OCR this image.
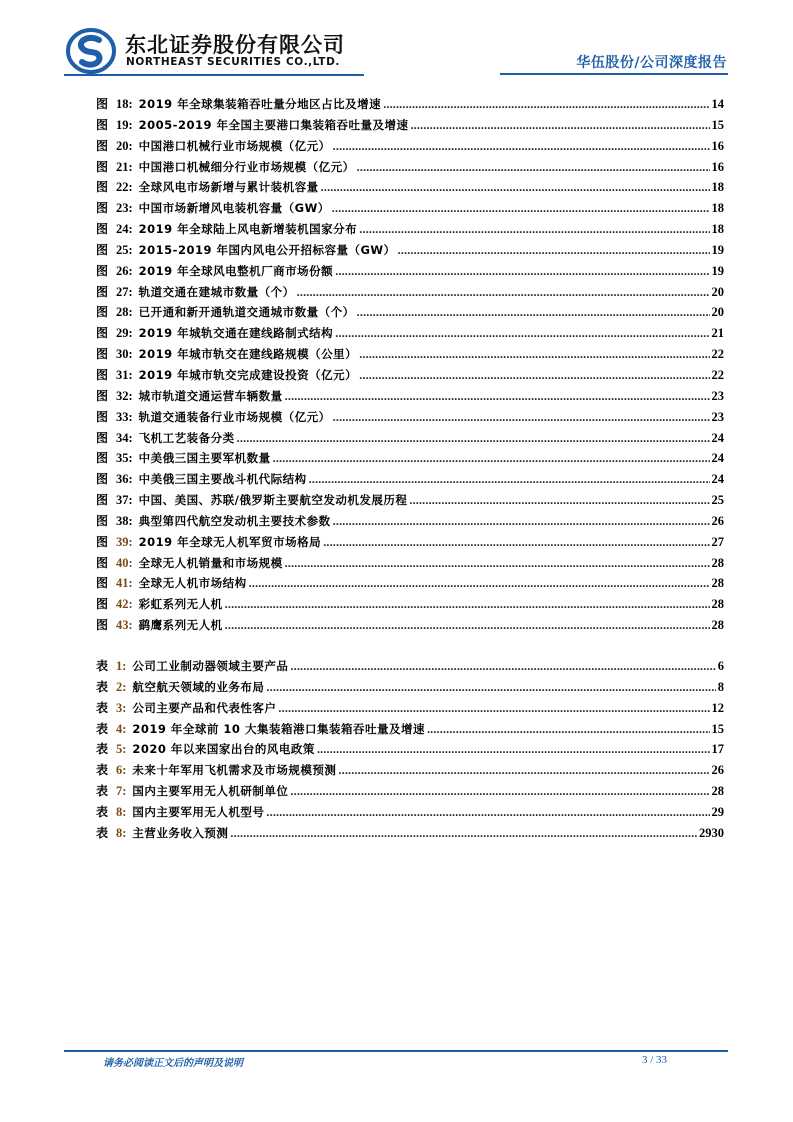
东北证券股份有限公司
NORTHEAST SECURITIES CO.,LTD.	华伍股份/公司深度报告
图 18: 2019 年全球集装箱吞吐量分地区占比及增速 .....	14
图 19: 2005-2019 年全国主要港口集装箱吞吐量及增速 .....	15
图 20: 中国港口机械行业市场规模（亿元） .....	16
图 21: 中国港口机械细分行业市场规模（亿元） .....	16
图 22: 全球风电市场新增与累计装机容量 .....	18
图 23: 中国市场新增风电装机容量（GW） .....	18
图 24: 2019 年全球陆上风电新增装机国家分布 .....	18
图 25: 2015-2019 年国内风电公开招标容量（GW） .....	19
图 26: 2019 年全球风电整机厂商市场份额 .....	19
图 27: 轨道交通在建城市数量（个） .....	20
图 28: 已开通和新开通轨道交通城市数量（个） .....	20
图 29: 2019 年城轨交通在建线路制式结构 .....	21
图 30: 2019 年城市轨交在建线路规模（公里） .....	22
图 31: 2019 年城市轨交完成建设投资（亿元） .....	22
图 32: 城市轨道交通运营车辆数量 .....	23
图 33: 轨道交通装备行业市场规模（亿元） .....	23
图 34: 飞机工艺装备分类 .....	24
图 35: 中美俄三国主要军机数量 .....	24
图 36: 中美俄三国主要战斗机代际结构 .....	24
图 37: 中国、美国、苏联/俄罗斯主要航空发动机发展历程 .....	25
图 38: 典型第四代航空发动机主要技术参数 .....	26
图 39: 2019 年全球无人机军贸市场格局 .....	27
图 40: 全球无人机销量和市场规模 .....	28
图 41: 全球无人机市场结构 .....	28
图 42: 彩虹系列无人机 .....	28
图 43: 鹞鹰系列无人机 .....	28
表 1: 公司工业制动器领域主要产品 .....	6
表 2: 航空航天领域的业务布局 .....	8
表 3: 公司主要产品和代表性客户 .....	12
表 4: 2019 年全球前 10 大集装箱港口集装箱吞吐量及增速 .....	15
表 5: 2020 年以来国家出台的风电政策 .....	17
表 6: 未来十年军用飞机需求及市场规模预测 .....	26
表 7: 国内主要军用无人机研制单位 .....	28
表 8: 国内主要军用无人机型号 .....	29
表 8: 主营业务收入预测 .....	2930
请务必阅读正文后的声明及说明	3 / 33
